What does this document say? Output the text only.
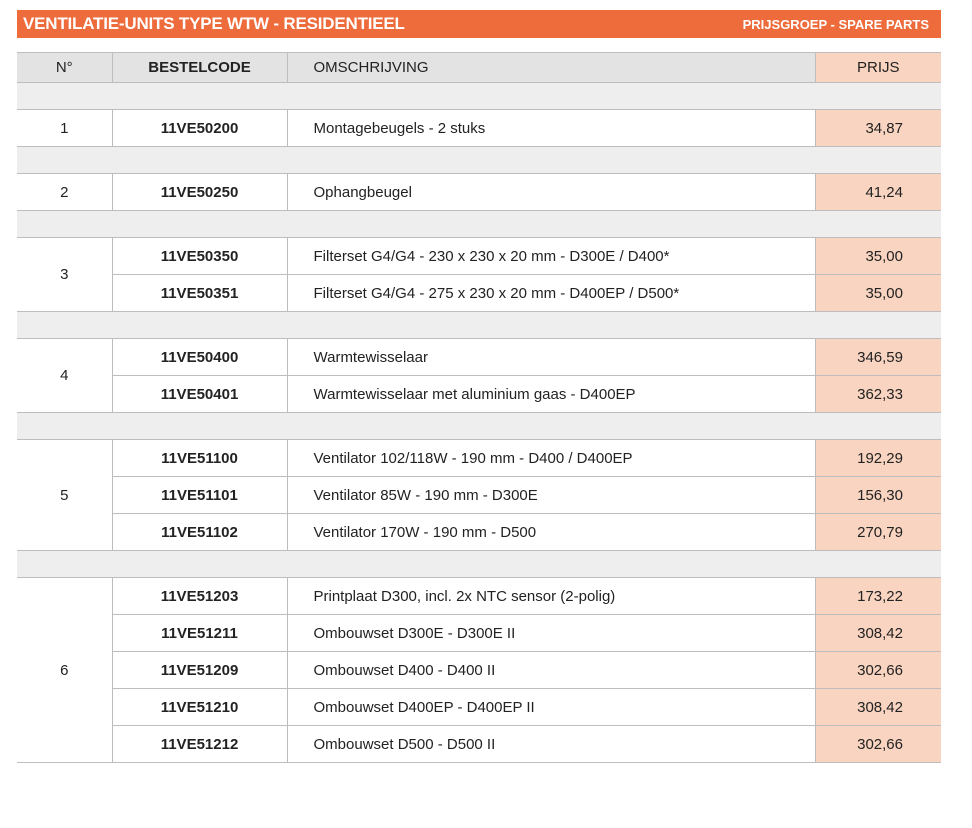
VENTILATIE-UNITS TYPE WTW - RESIDENTIEEL	PRIJSGROEP - SPARE PARTS
N°	BESTELCODE	OMSCHRIJVING	PRIJS

1	11VE50200	Montagebeugels - 2 stuks	34,87

2	11VE50250	Ophangbeugel	41,24

3	11VE50350	Filterset G4/G4 - 230 x 230 x 20 mm - D300E / D400*	35,00
	11VE50351	Filterset G4/G4 - 275 x 230 x 20 mm - D400EP / D500*	35,00

4	11VE50400	Warmtewisselaar	346,59
	11VE50401	Warmtewisselaar met aluminium gaas - D400EP	362,33

5	11VE51100	Ventilator 102/118W - 190 mm - D400 / D400EP	192,29
	11VE51101	Ventilator 85W - 190 mm - D300E	156,30
	11VE51102	Ventilator 170W - 190 mm - D500	270,79

6	11VE51203	Printplaat D300, incl. 2x NTC sensor (2-polig)	173,22
	11VE51211	Ombouwset D300E - D300E II	308,42
	11VE51209	Ombouwset D400 - D400 II	302,66
	11VE51210	Ombouwset D400EP - D400EP II	308,42
	11VE51212	Ombouwset D500 - D500 II	302,66
